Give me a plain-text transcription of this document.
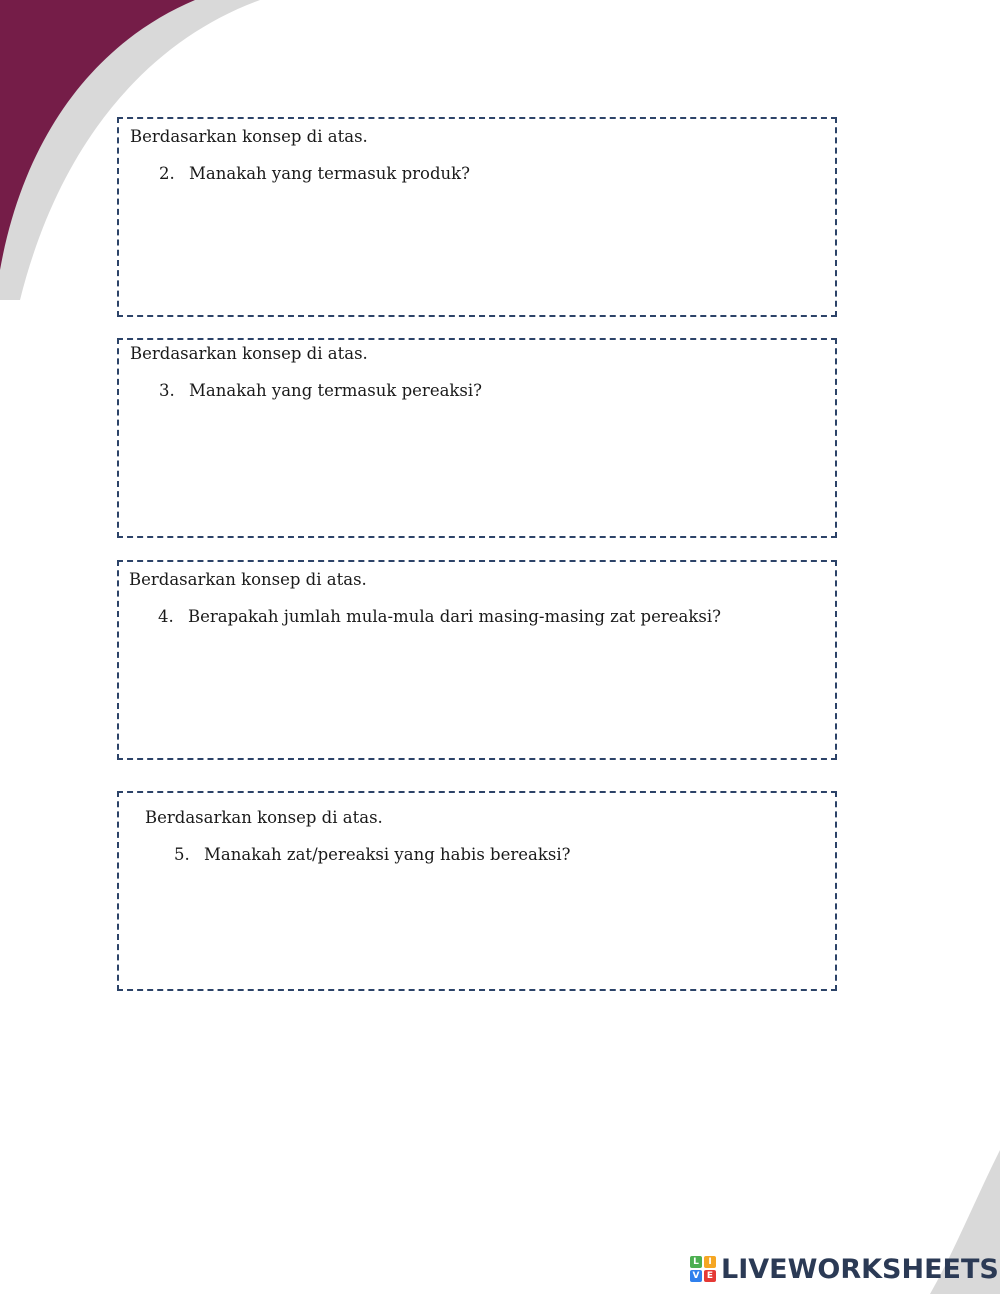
Berdasarkan konsep di atas.
2. Manakah yang termasuk produk?
Berdasarkan konsep di atas.
3. Manakah yang termasuk pereaksi?
Berdasarkan konsep di atas.
4. Berapakah jumlah mula-mula dari masing-masing zat pereaksi?
Berdasarkan konsep di atas.
5. Manakah zat/pereaksi yang habis bereaksi?
L	I
V E LIVEWORKSHEETS
